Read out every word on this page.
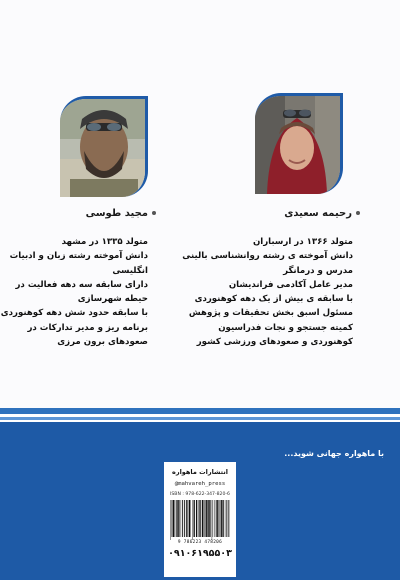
مجید طوسی	رحیمه سعیدی
متولد ۱۳۳۵ در مشهد
دانش آموخته رشته زبان و ادبیات
انگلیسی
دارای سابقه سه دهه فعالیت در
حیطه شهرسازی
با سابقه حدود شش دهه کوهنوردی
برنامه ریز و مدیر تدارکات در
صعودهای برون مرزی
متولد ۱۳۶۶ در ارسباران
دانش آموخته ی رشته روانشناسی بالینی
مدرس و درمانگر
مدیر عامل آکادمی فرانديشان
با سابقه ی بیش از یک دهه کوهنوردی
مسئول اسبق بخش تحقیقات و پژوهش
کمیته جستجو و نجات فدراسیون
کوهنوردی و صعودهای ورزشی کشور
با ماهواره جهانی شوید...
انتشارات ماهواره
@mahvareh_press
ISBN : 978-622-347-820-6
9 786223 478206
۰۹۱۰۶۱۹۵۵۰۳
